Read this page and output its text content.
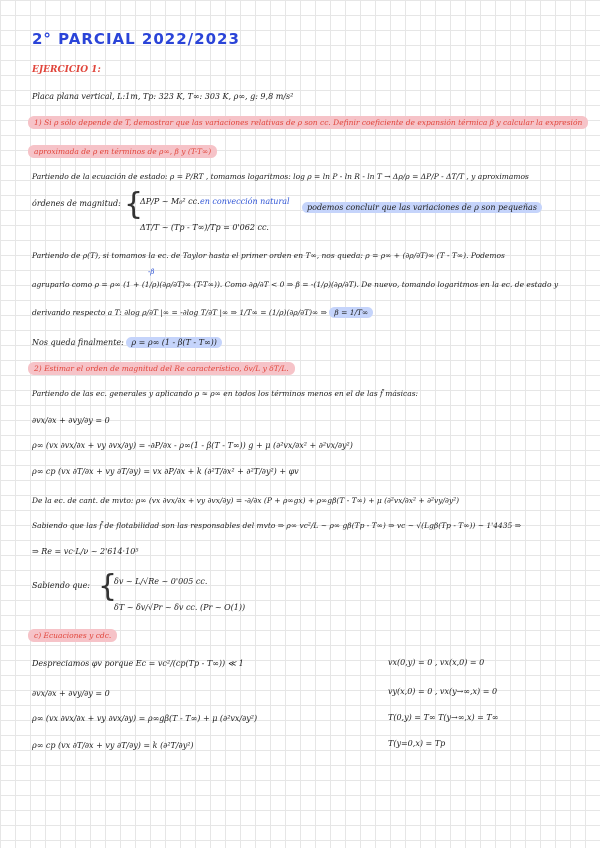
2° PARCIAL 2022/2023
EJERCICIO 1:
Placa plana vertical, L:1m, Tp: 323 K, T∞: 303 K, ρ∞, g: 9,8 m/s²
1) Si ρ sólo depende de T, demostrar que las variaciones relativas de ρ son cc. Definir coeficiente de expansión térmica β y calcular la expresión
aproximada de ρ en términos de ρ∞, β y (T-T∞)
Partiendo de la ecuación de estado: ρ = P/RT , tomamos logaritmos: log ρ = ln P - ln R - ln T → Δρ/ρ = ΔP/P - ΔT/T , y aproximamos
órdenes de magnitud: {
ΔP/P ~ M₀² cc. en convección natural
ΔT/T ~ (Tp - T∞)/Tp = 0'062 cc.
podemos concluir que las variaciones de ρ son pequeñas
Partiendo de ρ(T), si tomamos la ec. de Taylor hasta el primer orden en T∞, nos queda: ρ = ρ∞ + (∂ρ/∂T)∞ (T - T∞). Podemos
-β
agruparlo como ρ = ρ∞ (1 + (1/ρ)(∂ρ/∂T)∞ (T-T∞)). Como ∂ρ/∂T < 0 ⇒ β = -(1/ρ)(∂ρ/∂T). De nuevo, tomando logaritmos en la ec. de estado y
derivando respecto a T: ∂log ρ/∂T |∞ = -∂log T/∂T |∞ ⇒ 1/T∞ = (1/ρ)(∂ρ/∂T)∞ ⇒ β = 1/T∞
Nos queda finalmente: ρ = ρ∞ (1 - β(T - T∞))
2) Estimar el orden de magnitud del Re característico, δv/L y δT/L.
Partiendo de las ec. generales y aplicando ρ ≈ ρ∞ en todos los términos menos en el de las f̄ másicas:
∂vx/∂x + ∂vy/∂y = 0
ρ∞ (vx ∂vx/∂x + vy ∂vx/∂y) = -∂P/∂x - ρ∞(1 - β(T - T∞)) g + μ (∂²vx/∂x² + ∂²vx/∂y²)
ρ∞ cp (vx ∂T/∂x + vy ∂T/∂y) = vx ∂P/∂x + k (∂²T/∂x² + ∂²T/∂y²) + φv
De la ec. de cant. de mvto: ρ∞ (vx ∂vx/∂x + vy ∂vx/∂y) = -∂/∂x (P + ρ∞gx) + ρ∞gβ(T - T∞) + μ (∂²vx/∂x² + ∂²vy/∂y²)
Sabiendo que las f̄ de flotabilidad son las responsables del mvto ⇒ ρ∞ vc²/L ~ ρ∞ gβ(Tp - T∞) ⇒ vc ~ √(Lgβ(Tp - T∞)) ~ 1'4435 ⇒
⇒ Re = vc·L/ν ~ 2'614·10⁵
Sabiendo que: {
δv ~ L/√Re ~ 0'005 cc.
δT ~ δv/√Pr ~ δv cc. (Pr ~ O(1))
c) Ecuaciones y cdc.
Despreciamos φv porque Ec = vc²/(cp(Tp - T∞)) ≪ 1	vx(0,y) = 0 , vx(x,0) = 0
∂vx/∂x + ∂vy/∂y = 0	vy(x,0) = 0 , vx(y→∞,x) = 0
ρ∞ (vx ∂vx/∂x + vy ∂vx/∂y) = ρ∞gβ(T - T∞) + μ (∂²vx/∂y²)	T(0,y) = T∞ T(y→∞,x) = T∞
ρ∞ cp (vx ∂T/∂x + vy ∂T/∂y) = k (∂²T/∂y²)	T(y=0,x) = Tp
